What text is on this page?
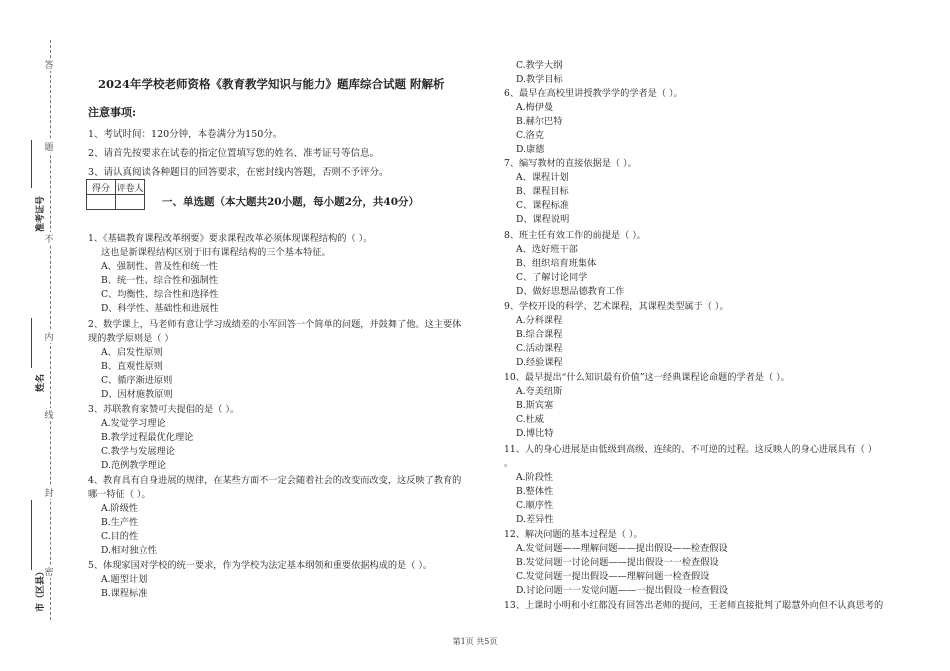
答
題
不
内
线
封
密
准考证号
姓名
市（区县）
2024年学校老师资格《教育教学知识与能力》题库综合试题 附解析
注意事项:
1、考试时间：120分钟，本卷满分为150分。
2、请首先按要求在试卷的指定位置填写您的姓名、准考证号等信息。
3、请认真阅读各种题目的回答要求，在密封线内答题，否则不予评分。
得分	评卷人

一、单选题（本大题共20小题，每小题2分，共40分）
1、《基础教育课程改革纲要》要求课程改革必须体现课程结构的（ ）。
这也是新课程结构区别于旧有课程结构的三个基本特征。
A、强制性、普及性和统一性
B、统一性、综合性和强制性
C、均衡性、综合性和选择性
D、科学性、基础性和进展性
2、数学课上，马老师有意让学习成绩差的小军回答一个简单的问题，并鼓舞了他。这主要体
现的教学原则是（ ）
A、启发性原则
B、直观性原则
C、循序渐进原则
D、因材施教原则
3、苏联教育家赞可夫提倡的是（ ）。
A.发觉学习理论
B.教学过程最优化理论
C.教学与发展理论
D.范例教学理论
4、教育具有自身进展的规律，在某些方面不一定会随着社会的改变而改变，这反映了教育的
哪一特征（ ）。
A.阶级性
B.生产性
C.目的性
D.相对独立性
5、体现家国对学校的统一要求，作为学校为法定基本纲领和重要依据构成的是（ ）。
A.题型计划
B.课程标准
C.教学大纲
D.教学目标
6、最早在高校里讲授教学学的学者是（ ）。
A.梅伊曼
B.赫尔巴特
C.洛克
D.康德
7、编写教材的直接依据是（ ）。
A、课程计划
B、课程目标
C、课程标准
D、课程说明
8、班主任有效工作的前提是（ ）。
A、选好班干部
B、组织培育班集体
C、了解讨论同学
D、做好思想品德教育工作
9、学校开设的科学、艺术课程，其课程类型属于（ ）。
A.分科课程
B.综合课程
C.活动课程
D.经验课程
10、最早提出“什么知识最有价值”这一经典课程论命题的学者是（ ）。
A.夸美纽斯
B.斯宾塞
C.杜威
D.博比特
11、人的身心进展是由低级到高级、连续的、不可逆的过程。这反映人的身心进展具有（ ）
。
A.阶段性
B.整体性
C.顺序性
D.差异性
12、解决问题的基本过程是（ ）。
A.发觉问题——理解问题——提出假设——检查假设
B.发觉问题一讨论问题——提出假设一一检查假设
C.发觉问题一提出假设——理解问题一检查假设
D.讨论问题一一发觉问题——一提出假设一检查假设
13、上课时小明和小红都没有回答出老师的提问，王老师直接批判了聪慧外向但不认真思考的
第1页 共5页
